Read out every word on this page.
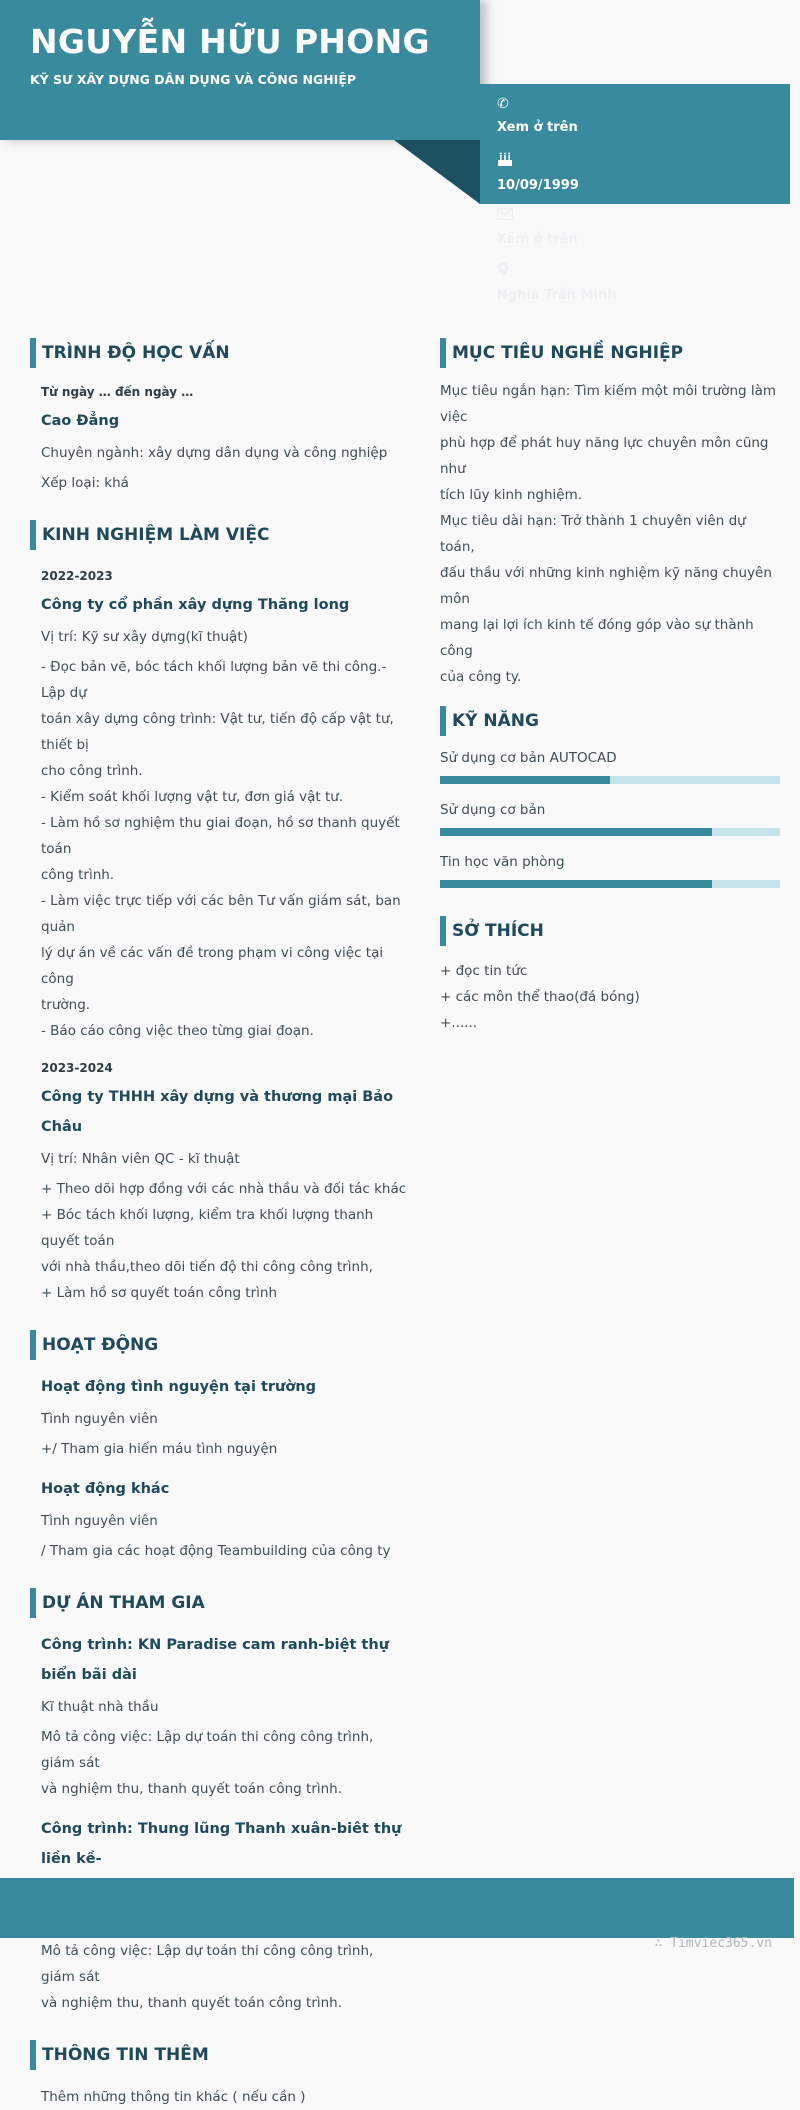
NGUYỄN HỮU PHONG
KỸ SƯ XÂY DỰNG DÂN DỤNG VÀ CÔNG NGHIỆP
✆
Xem ở trên
10/09/1999
Xem ở trên
Nghĩa Trần Minh
TRÌNH ĐỘ HỌC VẤN
Từ ngày … đến ngày …
Cao Đẳng
Chuyên ngành: xây dựng dân dụng và công nghiệp
Xếp loại: khá
KINH NGHIỆM LÀM VIỆC
2022-2023
Công ty cổ phần xây dựng Thăng long
Vị trí: Kỹ sư xây dựng(kĩ thuật)
- Đọc bản vẽ, bóc tách khối lượng bản vẽ thi công.- Lập dự
toán xây dựng công trình: Vật tư, tiến độ cấp vật tư, thiết bị
cho công trình.
- Kiểm soát khối lượng vật tư, đơn giá vật tư.
- Làm hồ sơ nghiệm thu giai đoạn, hồ sơ thanh quyết toán
công trình.
- Làm việc trực tiếp với các bên Tư vấn giám sát, ban quản
lý dự án về các vấn đề trong phạm vi công việc tại công
trường.
- Báo cáo công việc theo từng giai đoạn.
2023-2024
Công ty THHH xây dựng và thương mại Bảo Châu
Vị trí: Nhân viên QC - kĩ thuật
+ Theo dõi hợp đồng với các nhà thầu và đối tác khác
+ Bóc tách khối lượng, kiểm tra khối lượng thanh quyết toán
với nhà thầu,theo dõi tiến độ thi công công trình,
+ Làm hồ sơ quyết toán công trình
HOẠT ĐỘNG
Hoạt động tình nguyện tại trường
Tình nguyên viên
+/ Tham gia hiến máu tình nguyện
Hoạt động khác
Tình nguyên viên
/ Tham gia các hoạt động Teambuilding của công ty
DỰ ÁN THAM GIA
Công trình: KN Paradise cam ranh-biệt thự biển bãi dài
Kĩ thuật nhà thầu
Mô tả công việc: Lập dự toán thi công công trình, giám sát
và nghiệm thu, thanh quyết toán công trình.
Công trình: Thung lũng Thanh xuân-biêt thự liền kề-
Mô tả công việc: Lập dự toán thi công công trình, giám sát
và nghiệm thu, thanh quyết toán công trình.
THÔNG TIN THÊM
Thêm những thông tin khác ( nếu cần )
MỤC TIÊU NGHỀ NGHIỆP
Mục tiêu ngắn hạn: Tìm kiếm một môi trường làm việc
phù hợp để phát huy năng lực chuyên môn cũng như
tích lũy kinh nghiệm.
Mục tiêu dài hạn: Trở thành 1 chuyên viên dự toán,
đấu thầu với những kinh nghiệm kỹ năng chuyên môn
mang lại lợi ích kinh tế đóng góp vào sự thành công
của công ty.
KỸ NĂNG
Sử dụng cơ bản AUTOCAD
Sử dụng cơ bản
Tin học văn phòng
SỞ THÍCH
+ đọc tin tức
+ các môn thể thao(đá bóng)
+......
∴ Timviec365.vn
